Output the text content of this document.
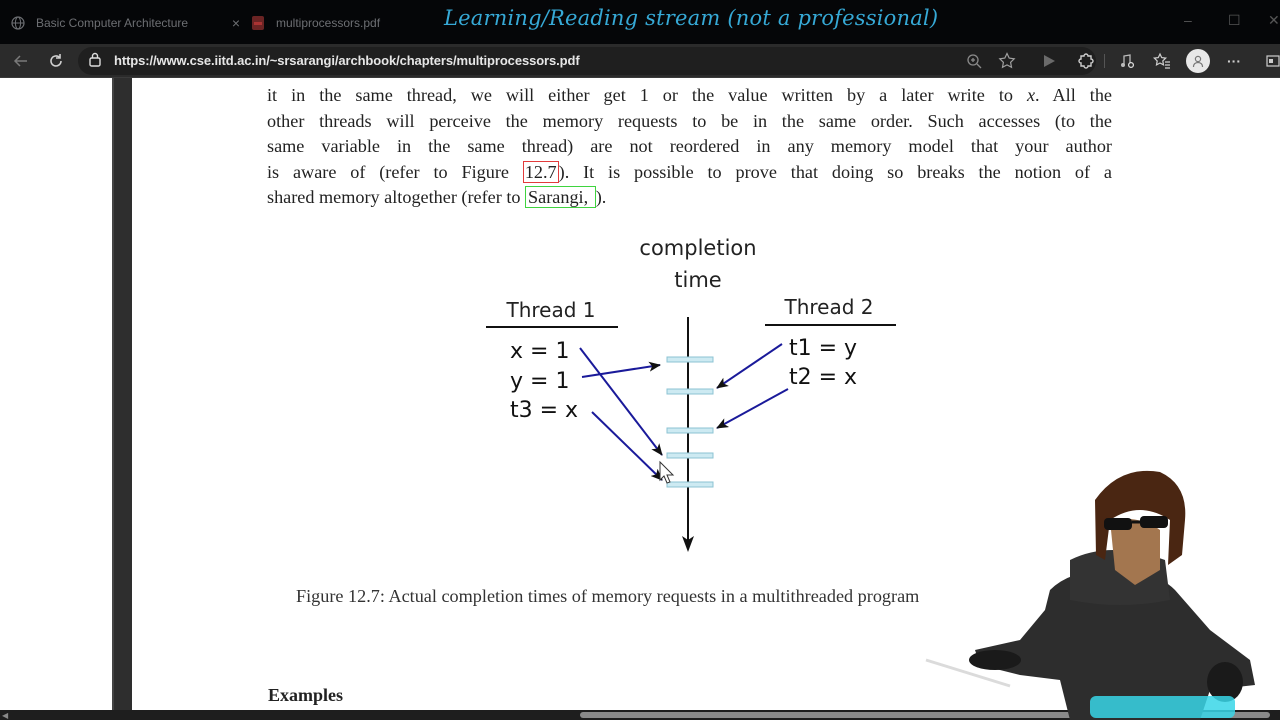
Basic Computer Architecture	×	multiprocessors.pdf	Learning/Reading stream (not a professional)	–	☐ ✕
https://www.cse.iitd.ac.in/~srsarangi/archbook/chapters/multiprocessors.pdf	···
it in the same thread, we will either get 1 or the value written by a later write to x. All the
other threads will perceive the memory requests to be in the same order. Such accesses (to the
same variable in the same thread) are not reordered in any memory model that your author
is aware of (refer to Figure 12.7 ). It is possible to prove that doing so breaks the notion of a
shared memory altogether (refer to Sarangi, ).
completion
time
Thread 1
x = 1
y = 1
t3 = x
Thread 2
t1 = y
t2 = x
Figure 12.7: Actual completion times of memory requests in a multithreaded program
Examples
◀
